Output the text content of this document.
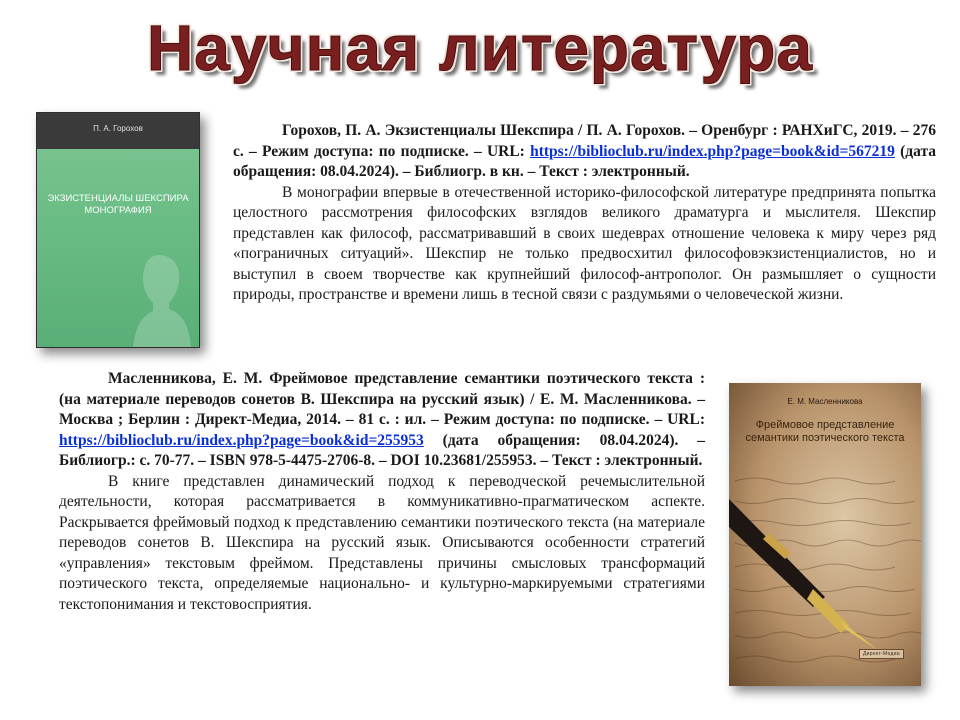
Научная литература
П. А. Горохов
ЭКЗИСТЕНЦИАЛЫ ШЕКСПИРА МОНОГРАФИЯ
Е. М. Масленникова
Фреймовое представление семантики поэтического текста
Директ-Медиа

Горохов, П. А. Экзистенциалы Шекспира / П. А. Горохов. – Оренбург : РАНХиГС, 2019. – 276 с. – Режим доступа: по подписке. – URL: https://biblioclub.ru/index.php?page=book&id=567219 (дата обращения: 08.04.2024). – Библиогр. в кн. – Текст : электронный.

В монографии впервые в отечественной историко-философской литературе предпринята попытка целостного рассмотрения философских взглядов великого драматурга и мыслителя. Шекспир представлен как философ, рассматривавший в своих шедеврах отношение человека к миру через ряд «пограничных ситуаций». Шекспир не только предвосхитил философовэкзистенциалистов, но и выступил в своем творчестве как крупнейший философ-антрополог. Он размышляет о сущности природы, пространстве и времени лишь в тесной связи с раздумьями о человеческой жизни.

Масленникова, Е. М. Фреймовое представление семантики поэтического текста : (на материале переводов сонетов В. Шекспира на русский язык) / Е. М. Масленникова. – Москва ; Берлин : Директ-Медиа, 2014. – 81 с. : ил. – Режим доступа: по подписке. – URL: https://biblioclub.ru/index.php?page=book&id=255953 (дата обращения: 08.04.2024). – Библиогр.: с. 70-77. – ISBN 978-5-4475-2706-8. – DOI 10.23681/255953. – Текст : электронный.

В книге представлен динамический подход к переводческой речемыслительной деятельности, которая рассматривается в коммуникативно-прагматическом аспекте. Раскрывается фреймовый подход к представлению семантики поэтического текста (на материале переводов сонетов В. Шекспира на русский язык. Описываются особенности стратегий «управления» текстовым фреймом. Представлены причины смысловых трансформаций поэтического текста, определяемые национально- и культурно-маркируемыми стратегиями текстопонимания и текстовосприятия.
